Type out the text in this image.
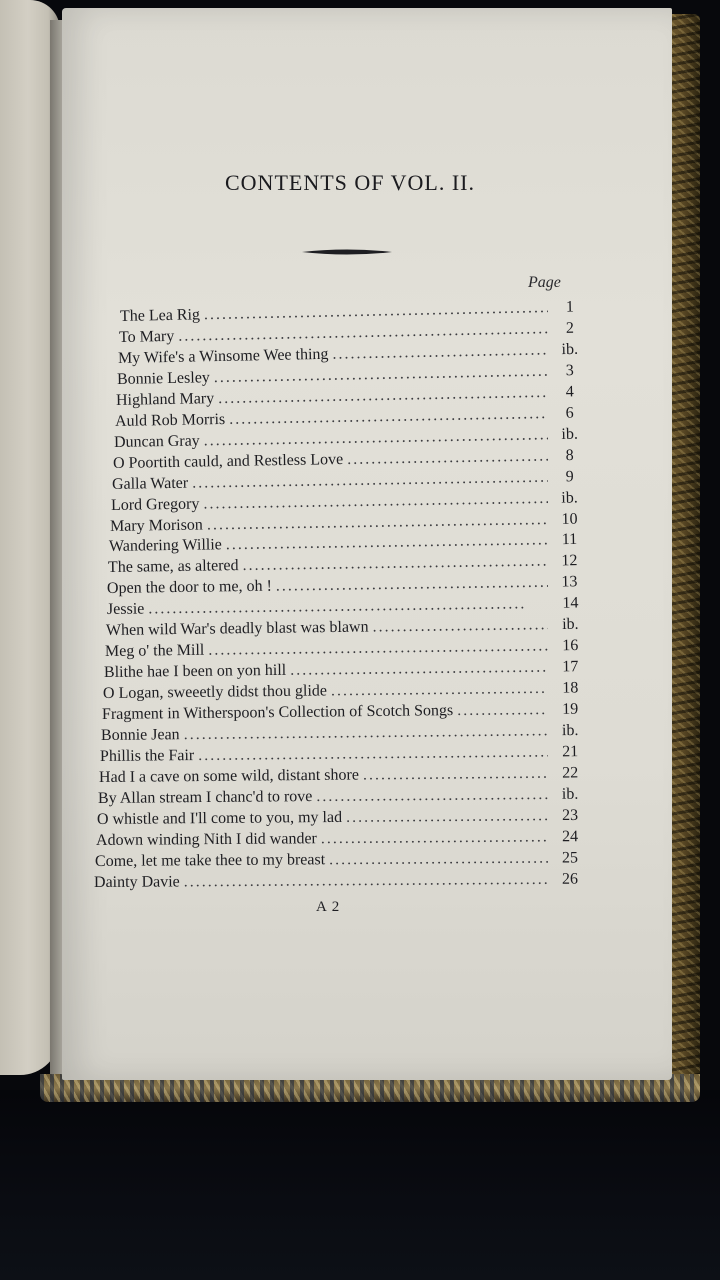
CONTENTS OF VOL. II.
Page
The Lea Rig . . .	1
To Mary . . .	2
My Wife's a Winsome Wee thing . . .	ib.
Bonnie Lesley . . .	3
Highland Mary . . .	4
Auld Rob Morris . . .	6
Duncan Gray . . .	ib.
O Poortith cauld, and Restless Love . . .	8
Galla Water . . .	9
Lord Gregory . . .	ib.
Mary Morison . . .	10
Wandering Willie . . .	11
The same, as altered . . .	12
Open the door to me, oh ! . . .	13
Jessie . . .	14
When wild War's deadly blast was blawn . . .	ib.
Meg o' the Mill . . .	16
Blithe hae I been on yon hill . . .	17
O Logan, sweeetly didst thou glide . . .	18
Fragment in Witherspoon's Collection of Scotch Songs . . .	19
Bonnie Jean . . .	ib.
Phillis the Fair . . .	21
Had I a cave on some wild, distant shore . . .	22
By Allan stream I chanc'd to rove . . .	ib.
O whistle and I'll come to you, my lad . . .	23
Adown winding Nith I did wander . . .	24
Come, let me take thee to my breast . . .	25
Dainty Davie . . .	26
A 2
